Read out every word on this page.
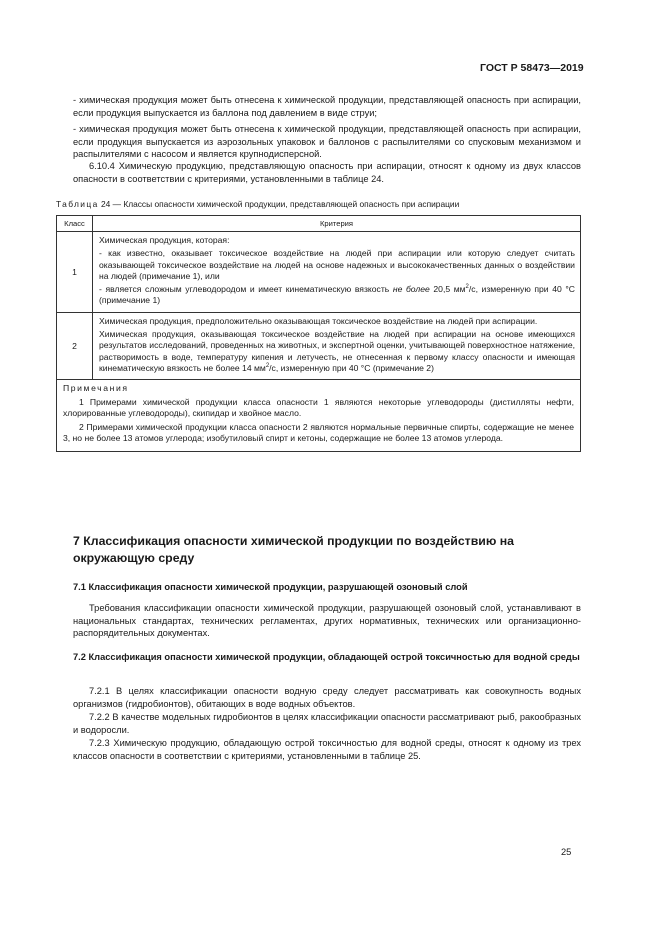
ГОСТ Р 58473—2019

- химическая продукция может быть отнесена к химической продукции, представляющей опасность при аспирации, если продукция выпускается из баллона под давлением в виде струи;

- химическая продукция может быть отнесена к химической продукции, представляющей опасность при аспирации, если продукция выпускается из аэрозольных упаковок и баллонов с распылителями со спусковым механизмом и распылителями с насосом и является крупнодисперсной.

6.10.4 Химическую продукцию, представляющую опасность при аспирации, относят к одному из двух классов опасности в соответствии с критериями, установленными в таблице 24.

Таблица 24 — Классы опасности химической продукции, представляющей опасность при аспирации
Класс	Критерия
1	Химическая продукция, которая:

- как известно, оказывает токсическое воздействие на людей при аспирации или которую следует считать оказывающей токсическое воздействие на людей на основе надежных и высококачественных данных о воздействии на людей (примечание 1), или

- является сложным углеводородом и имеет кинематическую вязкость не более 20,5 $мм^2/с$, измеренную при 40 °С (примечание 1)

2	Химическая продукция, предположительно оказывающая токсическое воздействие на людей при аспирации.

Химическая продукция, оказывающая токсическое воздействие на людей при аспирации на основе имеющихся результатов исследований, проведенных на животных, и экспертной оценки, учитывающей поверхностное натяжение, растворимость в воде, температуру кипения и летучесть, не отнесенная к первому классу опасности и имеющая кинематическую вязкость не более 14 $мм^2/с$, измеренную при 40 °С (примечание 2)

Примечания

1 Примерами химической продукции класса опасности 1 являются некоторые углеводороды (дистилляты нефти, хлорированные углеводороды), скипидар и хвойное масло.

2 Примерами химической продукции класса опасности 2 являются нормальные первичные спирты, содержащие не менее 3, но не более 13 атомов углерода; изобутиловый спирт и кетоны, содержащие не более 13 атомов углерода.	

7 Классификация опасности химической продукции по воздействию на окружающую среду
7.1 Классификация опасности химической продукции, разрушающей озоновый слой

Требования классификации опасности химической продукции, разрушающей озоновый слой, устанавливают в национальных стандартах, технических регламентах, других нормативных, технических или организационно-распорядительных документах.

7.2 Классификация опасности химической продукции, обладающей острой токсичностью для водной среды

7.2.1 В целях классификации опасности водную среду следует рассматривать как совокупность водных организмов (гидробионтов), обитающих в воде водных объектов.

7.2.2 В качестве модельных гидробионтов в целях классификации опасности рассматривают рыб, ракообразных и водоросли.

7.2.3 Химическую продукцию, обладающую острой токсичностью для водной среды, относят к одному из трех классов опасности в соответствии с критериями, установленными в таблице 25.

25
